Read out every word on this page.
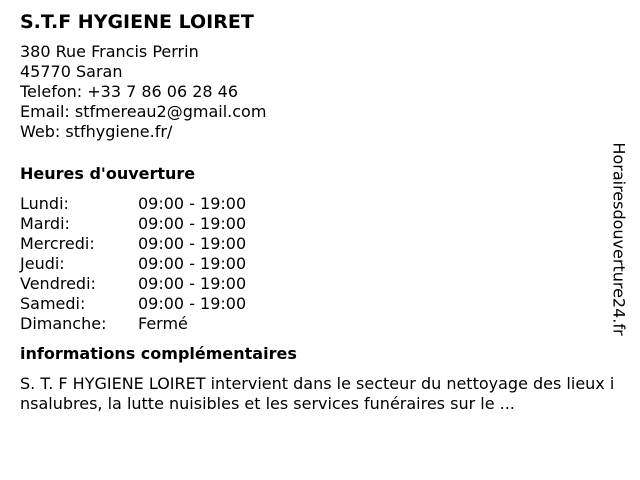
S.T.F HYGIENE LOIRET
380 Rue Francis Perrin
45770 Saran
Telefon: +33 7 86 06 28 46
Email: stfmereau2@gmail.com
Web: stfhygiene.fr/
Heures d'ouverture
Lundi:	09:00 - 19:00
Mardi:	09:00 - 19:00
Mercredi:	09:00 - 19:00
Jeudi:	09:00 - 19:00
Vendredi:	09:00 - 19:00
Samedi:	09:00 - 19:00
Dimanche:	Fermé
informations complémentaires
S. T. F HYGIENE LOIRET intervient dans le secteur du nettoyage des lieux insalubres, la lutte nuisibles et les services funéraires sur le ...
Horairesdouverture24.fr
